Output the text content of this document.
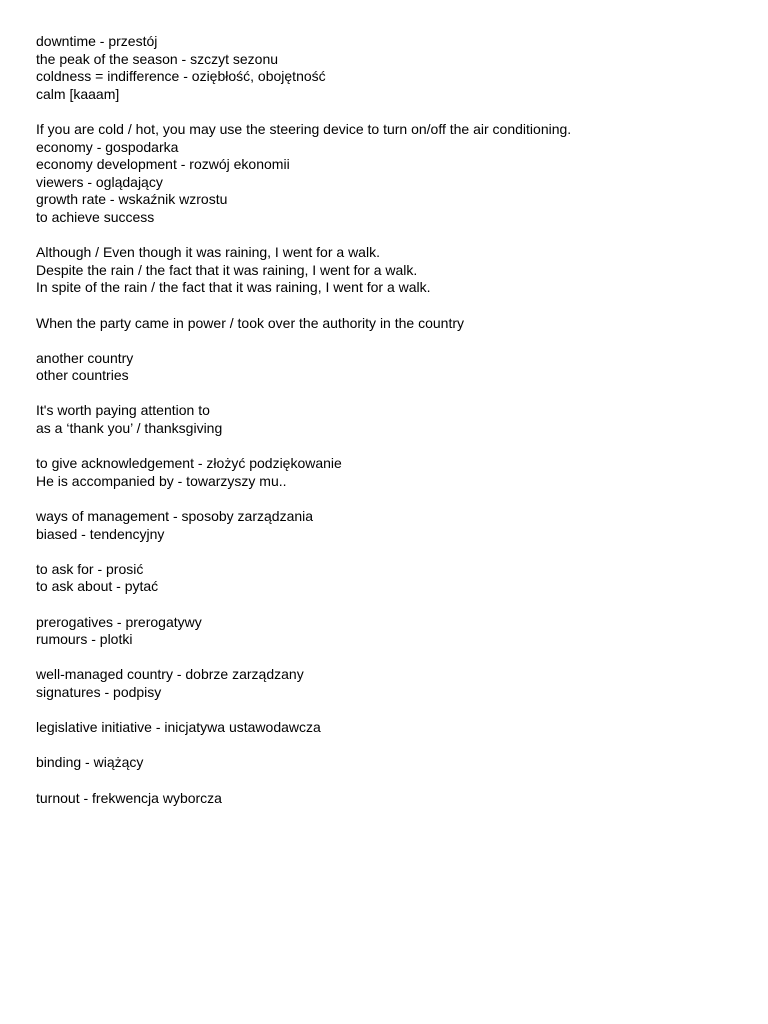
downtime - przestój
the peak of the season - szczyt sezonu
coldness = indifference - oziębłość, obojętność
calm [kaaam]
If you are cold / hot, you may use the steering device to turn on/off the air conditioning.
economy - gospodarka
economy development - rozwój ekonomii
viewers - oglądający
growth rate - wskaźnik wzrostu
to achieve success
Although / Even though it was raining, I went for a walk.
Despite the rain / the fact that it was raining, I went for a walk.
In spite of the rain / the fact that it was raining, I went for a walk.
When the party came in power / took over the authority in the country
another country
other countries
It's worth paying attention to
as a ‘thank you’ / thanksgiving
to give acknowledgement - złożyć podziękowanie
He is accompanied by - towarzyszy mu..
ways of management - sposoby zarządzania
biased - tendencyjny
to ask for - prosić
to ask about - pytać
prerogatives - prerogatywy
rumours - plotki
well-managed country - dobrze zarządzany
signatures - podpisy
legislative initiative - inicjatywa ustawodawcza
binding - wiążący
turnout - frekwencja wyborcza
